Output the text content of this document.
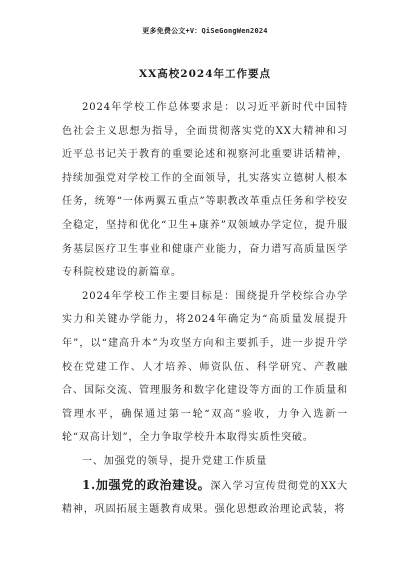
更多免费公文+V：QiSeGongWen2024
XX高校2024年工作要点

2024年学校工作总体要求是：以习近平新时代中国特色社会主义思想为指导，全面贯彻落实党的XX大精神和习近平总书记关于教育的重要论述和视察河北重要讲话精神，持续加强党对学校工作的全面领导，扎实落实立德树人根本任务，统筹“一体两翼五重点”等职教改革重点任务和学校安全稳定，坚持和优化“卫生+康养”双领域办学定位，提升服务基层医疗卫生事业和健康产业能力，奋力谱写高质量医学专科院校建设的新篇章。

2024年学校工作主要目标是：围绕提升学校综合办学实力和关键办学能力，将2024年确定为“高质量发展提升年”，以“建高升本”为攻坚方向和主要抓手，进一步提升学校在党建工作、人才培养、师资队伍、科学研究、产教融合、国际交流、管理服务和数字化建设等方面的工作质量和管理水平，确保通过第一轮“双高”验收，力争入选新一轮“双高计划”，全力争取学校升本取得实质性突破。

一、加强党的领导，提升党建工作质量

1.加强党的政治建设。深入学习宣传贯彻党的XX大精神，巩固拓展主题教育成果。强化思想政治理论武装，将
